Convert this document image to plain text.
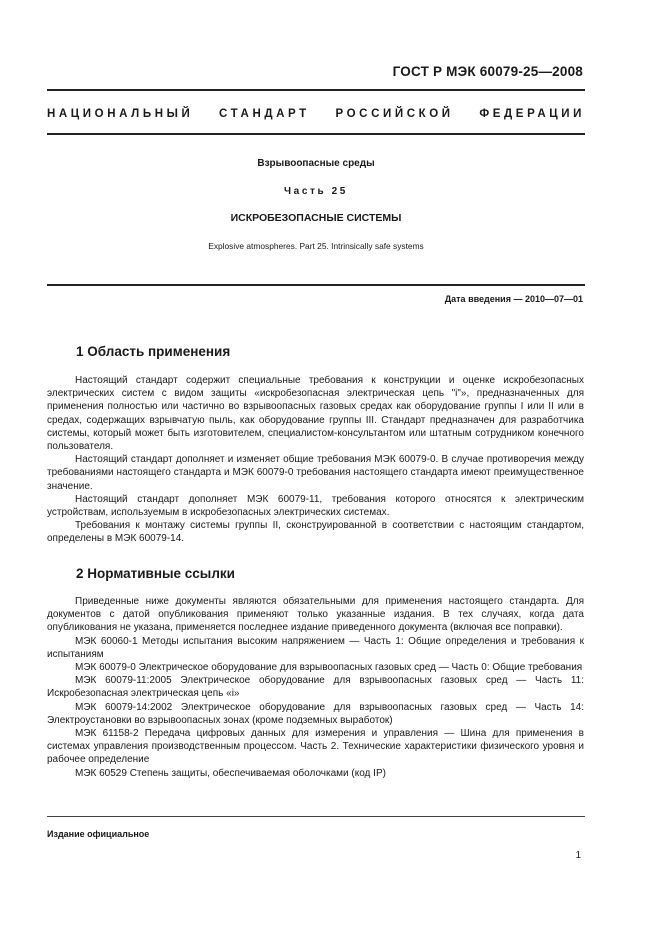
ГОСТ Р МЭК 60079-25—2008
НАЦИОНАЛЬНЫЙ СТАНДАРТ РОССИЙСКОЙ ФЕДЕРАЦИИ
Взрывоопасные среды
Часть 25
ИСКРОБЕЗОПАСНЫЕ СИСТЕМЫ
Explosive atmospheres. Part 25. Intrinsically safe systems
Дата введения — 2010—07—01
1 Область применения

Настоящий стандарт содержит специальные требования к конструкции и оценке искробезопасных электрических систем с видом защиты «искробезопасная электрическая цепь "i"», предназначенных для применения полностью или частично во взрывоопасных газовых средах как оборудование группы I или II или в средах, содержащих взрывчатую пыль, как оборудование группы III. Стандарт предназначен для разработчика системы, который может быть изготовителем, специалистом-консультантом или штатным сотрудником конечного пользователя.

Настоящий стандарт дополняет и изменяет общие требования МЭК 60079-0. В случае противоречия между требованиями настоящего стандарта и МЭК 60079-0 требования настоящего стандарта имеют преимущественное значение.

Настоящий стандарт дополняет МЭК 60079-11, требования которого относятся к электрическим устройствам, используемым в искробезопасных электрических системах.

Требования к монтажу системы группы II, сконструированной в соответствии с настоящим стандартом, определены в МЭК 60079-14.

2 Нормативные ссылки

Приведенные ниже документы являются обязательными для применения настоящего стандарта. Для документов с датой опубликования применяют только указанные издания. В тех случаях, когда дата опубликования не указана, применяется последнее издание приведенного документа (включая все поправки).

МЭК 60060-1 Методы испытания высоким напряжением — Часть 1: Общие определения и требования к испытаниям

МЭК 60079-0 Электрическое оборудование для взрывоопасных газовых сред — Часть 0: Общие требования

МЭК 60079-11:2005 Электрическое оборудование для взрывоопасных газовых сред — Часть 11: Искробезопасная электрическая цепь «i»

МЭК 60079-14:2002 Электрическое оборудование для взрывоопасных газовых сред — Часть 14: Электроустановки во взрывоопасных зонах (кроме подземных выработок)

МЭК 61158-2 Передача цифровых данных для измерения и управления — Шина для применения в системах управления производственным процессом. Часть 2. Технические характеристики физического уровня и рабочее определение

МЭК 60529 Степень защиты, обеспечиваемая оболочками (код IP)

Издание официальное
1
